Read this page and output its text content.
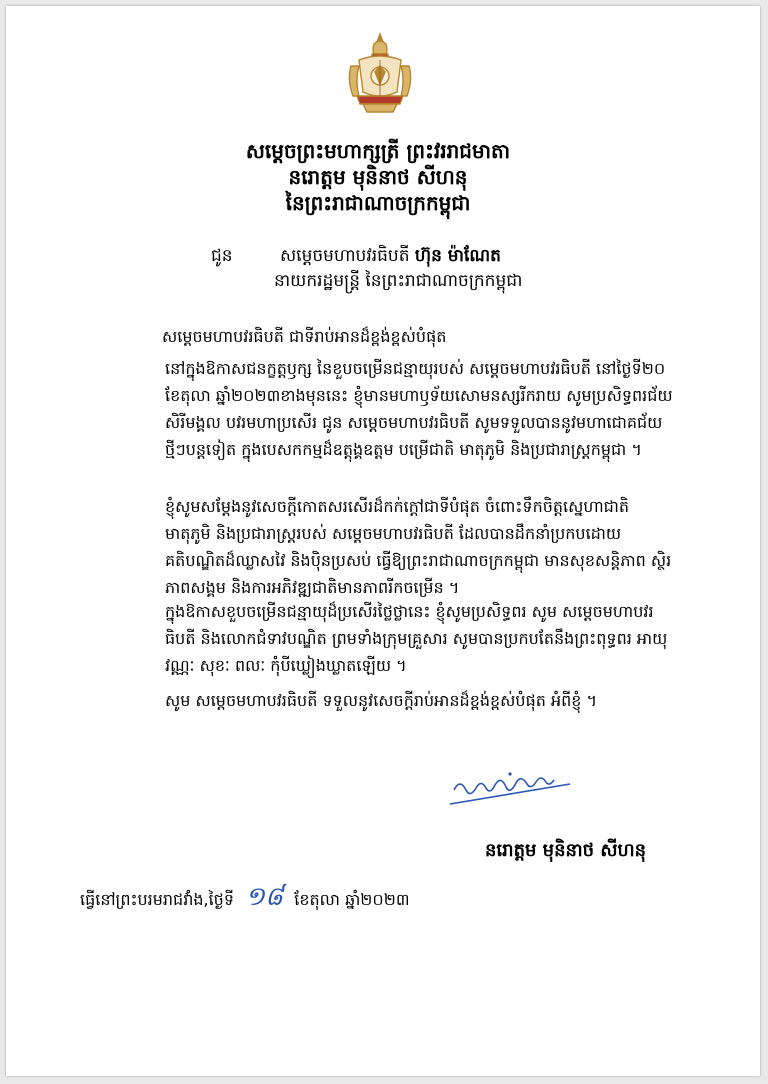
សម្តេចព្រះមហាក្សត្រី ព្រះវររាជមាតា
នរោត្តម មុនិនាថ សីហនុ
នៃព្រះរាជាណាចក្រកម្ពុជា
ជូន	សម្តេចមហាបវរធិបតី ហ៊ុន ម៉ាណែត
នាយករដ្ឋមន្ត្រី នៃព្រះរាជាណាចក្រកម្ពុជា
សម្តេចមហាបវរធិបតី ជាទីរាប់អានដ៏ខ្ពង់ខ្ពស់បំផុត
នៅក្នុងឱកាសជនក្ខត្តឫក្ស នៃខួបចម្រើនជន្មាយុរបស់ សម្តេចមហាបវរធិបតី នៅថ្ងៃទី២០ ខែតុលា ឆ្នាំ២០២៣ខាងមុននេះ ខ្ញុំមានមហាឫទ័យសោមនស្សរីករាយ សូមប្រសិទ្ធពរជ័យ សិរីមង្គល បវរមហាប្រសើរ ជូន សម្តេចមហាបវរធិបតី សូមទទួលបាននូវមហាជោគជ័យថ្មីៗបន្តទៀត ក្នុងបេសកកម្មដ៏ឧត្តុង្គឧត្តម បម្រើជាតិ មាតុភូមិ និងប្រជារាស្ត្រកម្ពុជា ។
ខ្ញុំសូមសម្តែងនូវសេចក្តីកោតសរសើរដ៏កក់ក្តៅជាទីបំផុត ចំពោះទឹកចិត្តស្នេហាជាតិ មាតុភូមិ និងប្រជារាស្ត្ររបស់ សម្តេចមហាបវរធិបតី ដែលបានដឹកនាំប្រកបដោយគតិបណ្ឌិតដ៏ឈ្លាសវៃ និងប៉ិនប្រសប់ ធ្វើឱ្យព្រះរាជាណាចក្រកម្ពុជា មានសុខសន្តិភាព ស្ថិរភាពសង្គម និងការអភិវឌ្ឍជាតិមានភាពរីកចម្រើន ។
ក្នុងឱកាសខួបចម្រើនជន្មាយុដ៏ប្រសើរថ្លៃថ្លានេះ ខ្ញុំសូមប្រសិទ្ធពរ សូម សម្តេចមហាបវរធិបតី និងលោកជំទាវបណ្ឌិត ព្រមទាំងក្រុមគ្រួសារ សូមបានប្រកបតែនឹងព្រះពុទ្ធពរ អាយុ វណ្ណៈ សុខៈ ពលៈ កុំបីឃ្លៀងឃ្លាតឡើយ ។
សូម សម្តេចមហាបវរធិបតី ទទួលនូវសេចក្តីរាប់អានដ៏ខ្ពង់ខ្ពស់បំផុត អំពីខ្ញុំ ។
នរោត្តម មុនិនាថ សីហនុ
ធ្វើនៅព្រះបរមរាជវាំង,ថ្ងៃទី ១៨ ខែតុលា ឆ្នាំ២០២៣
